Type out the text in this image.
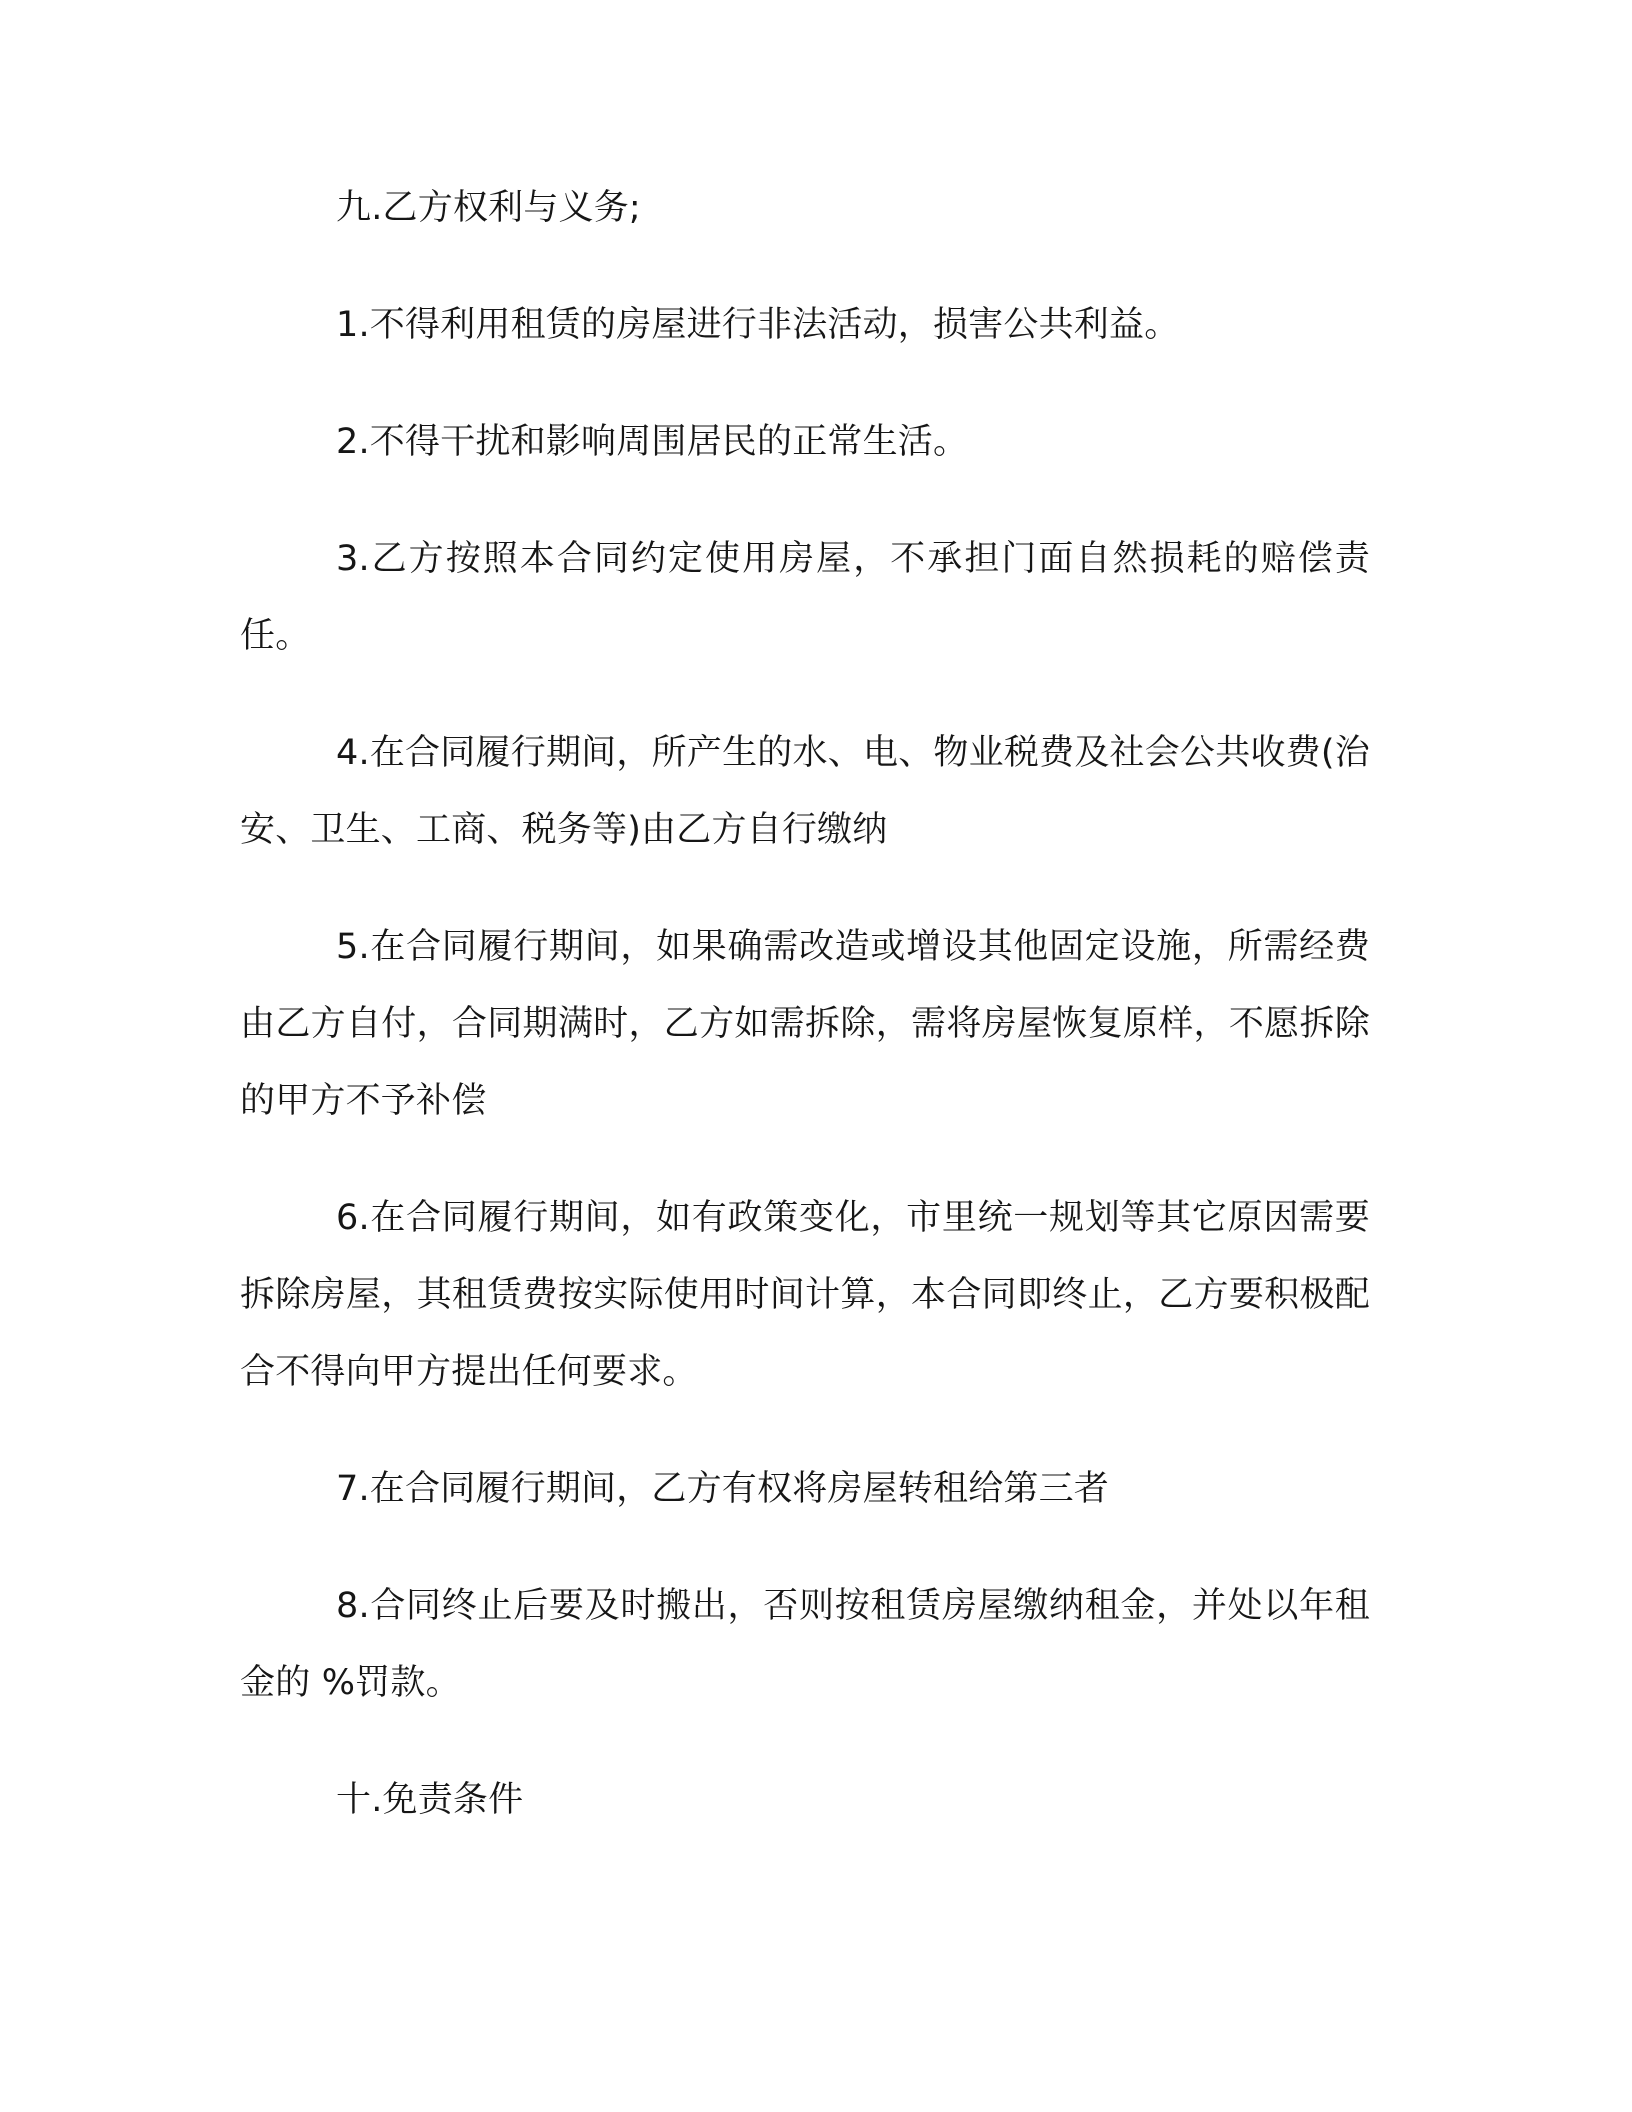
九.乙方权利与义务;

1.不得利用租赁的房屋进行非法活动，损害公共利益。

2.不得干扰和影响周围居民的正常生活。

3.乙方按照本合同约定使用房屋，不承担门面自然损耗的赔偿责任。

4.在合同履行期间，所产生的水、电、物业税费及社会公共收费(治安、卫生、工商、税务等)由乙方自行缴纳

5.在合同履行期间，如果确需改造或增设其他固定设施，所需经费由乙方自付，合同期满时，乙方如需拆除，需将房屋恢复原样，不愿拆除的甲方不予补偿

6.在合同履行期间，如有政策变化，市里统一规划等其它原因需要拆除房屋，其租赁费按实际使用时间计算，本合同即终止，乙方要积极配合不得向甲方提出任何要求。

7.在合同履行期间，乙方有权将房屋转租给第三者

8.合同终止后要及时搬出，否则按租赁房屋缴纳租金，并处以年租金的 %罚款。

十.免责条件
